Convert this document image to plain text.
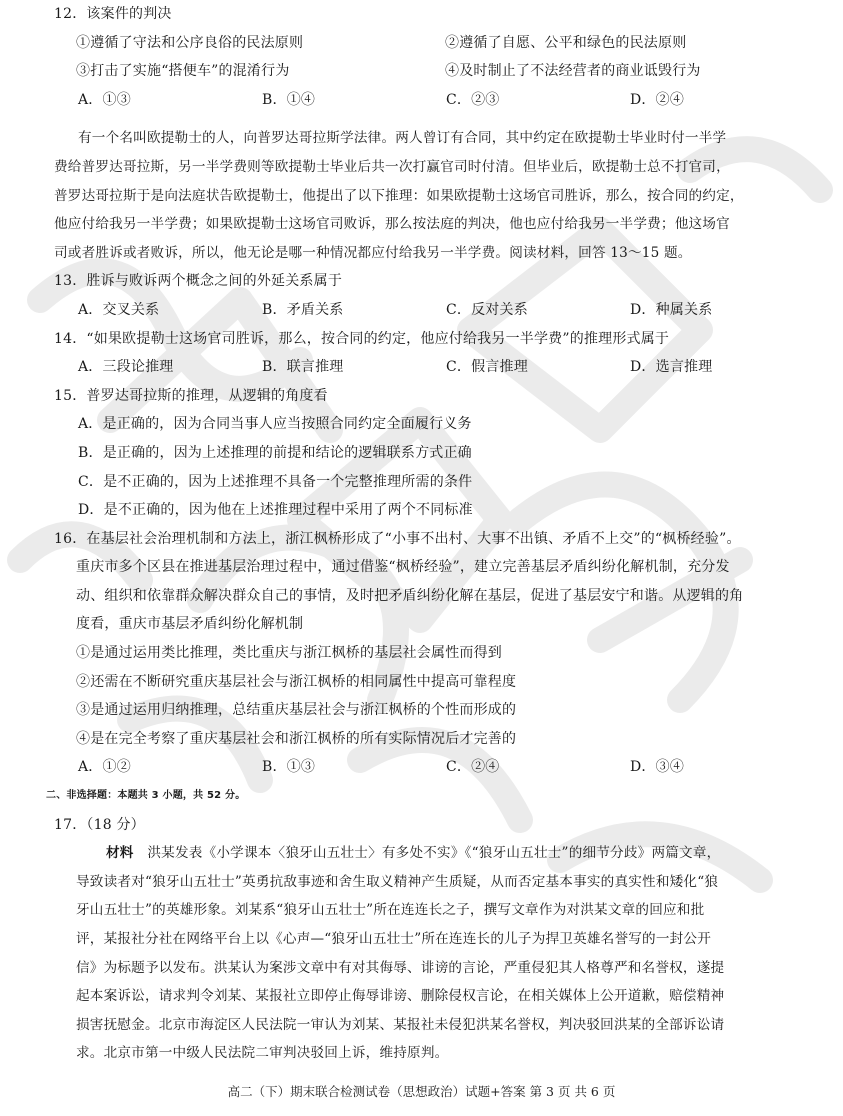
12．该案件的判决
①遵循了守法和公序良俗的民法原则	②遵循了自愿、公平和绿色的民法原则
③打击了实施“搭便车”的混淆行为	④及时制止了不法经营者的商业诋毁行为
A．①③	B．①④	C．②③	D．②④
有一个名叫欧提勒士的人，向普罗达哥拉斯学法律。两人曾订有合同，其中约定在欧提勒士毕业时付一半学
费给普罗达哥拉斯，另一半学费则等欧提勒士毕业后共一次打赢官司时付清。但毕业后，欧提勒士总不打官司，
普罗达哥拉斯于是向法庭状告欧提勒士，他提出了以下推理：如果欧提勒士这场官司胜诉，那么，按合同的约定，
他应付给我另一半学费；如果欧提勒士这场官司败诉，那么按法庭的判决，他也应付给我另一半学费；他这场官
司或者胜诉或者败诉，所以，他无论是哪一种情况都应付给我另一半学费。阅读材料，回答 13～15 题。
13．胜诉与败诉两个概念之间的外延关系属于
A．交叉关系	B．矛盾关系	C．反对关系	D．种属关系
14．“如果欧提勒士这场官司胜诉，那么，按合同的约定，他应付给我另一半学费”的推理形式属于
A．三段论推理	B．联言推理	C．假言推理	D．选言推理
15．普罗达哥拉斯的推理，从逻辑的角度看
A．是正确的，因为合同当事人应当按照合同约定全面履行义务
B．是正确的，因为上述推理的前提和结论的逻辑联系方式正确
C．是不正确的，因为上述推理不具备一个完整推理所需的条件
D．是不正确的，因为他在上述推理过程中采用了两个不同标准
16．在基层社会治理机制和方法上，浙江枫桥形成了“小事不出村、大事不出镇、矛盾不上交”的“枫桥经验”。
重庆市多个区县在推进基层治理过程中，通过借鉴“枫桥经验”，建立完善基层矛盾纠纷化解机制，充分发
动、组织和依靠群众解决群众自己的事情，及时把矛盾纠纷化解在基层，促进了基层安宁和谐。从逻辑的角
度看，重庆市基层矛盾纠纷化解机制
①是通过运用类比推理，类比重庆与浙江枫桥的基层社会属性而得到
②还需在不断研究重庆基层社会与浙江枫桥的相同属性中提高可靠程度
③是通过运用归纳推理，总结重庆基层社会与浙江枫桥的个性而形成的
④是在完全考察了重庆基层社会和浙江枫桥的所有实际情况后才完善的
A．①②	B．①③	C．②④	D．③④
二、非选择题：本题共 3 小题，共 52 分。
17．（18 分）
材料  洪某发表《小学课本〈狼牙山五壮士〉有多处不实》《“狼牙山五壮士”的细节分歧》两篇文章，
导致读者对“狼牙山五壮士”英勇抗敌事迹和舍生取义精神产生质疑，从而否定基本事实的真实性和矮化“狼
牙山五壮士”的英雄形象。刘某系“狼牙山五壮士”所在连连长之子，撰写文章作为对洪某文章的回应和批
评，某报社分社在网络平台上以《心声—“狼牙山五壮士”所在连连长的儿子为捍卫英雄名誉写的一封公开
信》为标题予以发布。洪某认为案涉文章中有对其侮辱、诽谤的言论，严重侵犯其人格尊严和名誉权，遂提
起本案诉讼，请求判令刘某、某报社立即停止侮辱诽谤、删除侵权言论，在相关媒体上公开道歉，赔偿精神
损害抚慰金。北京市海淀区人民法院一审认为刘某、某报社未侵犯洪某名誉权，判决驳回洪某的全部诉讼请
求。北京市第一中级人民法院二审判决驳回上诉，维持原判。
高二（下）期末联合检测试卷（思想政治）试题+答案 第 3 页 共 6 页
